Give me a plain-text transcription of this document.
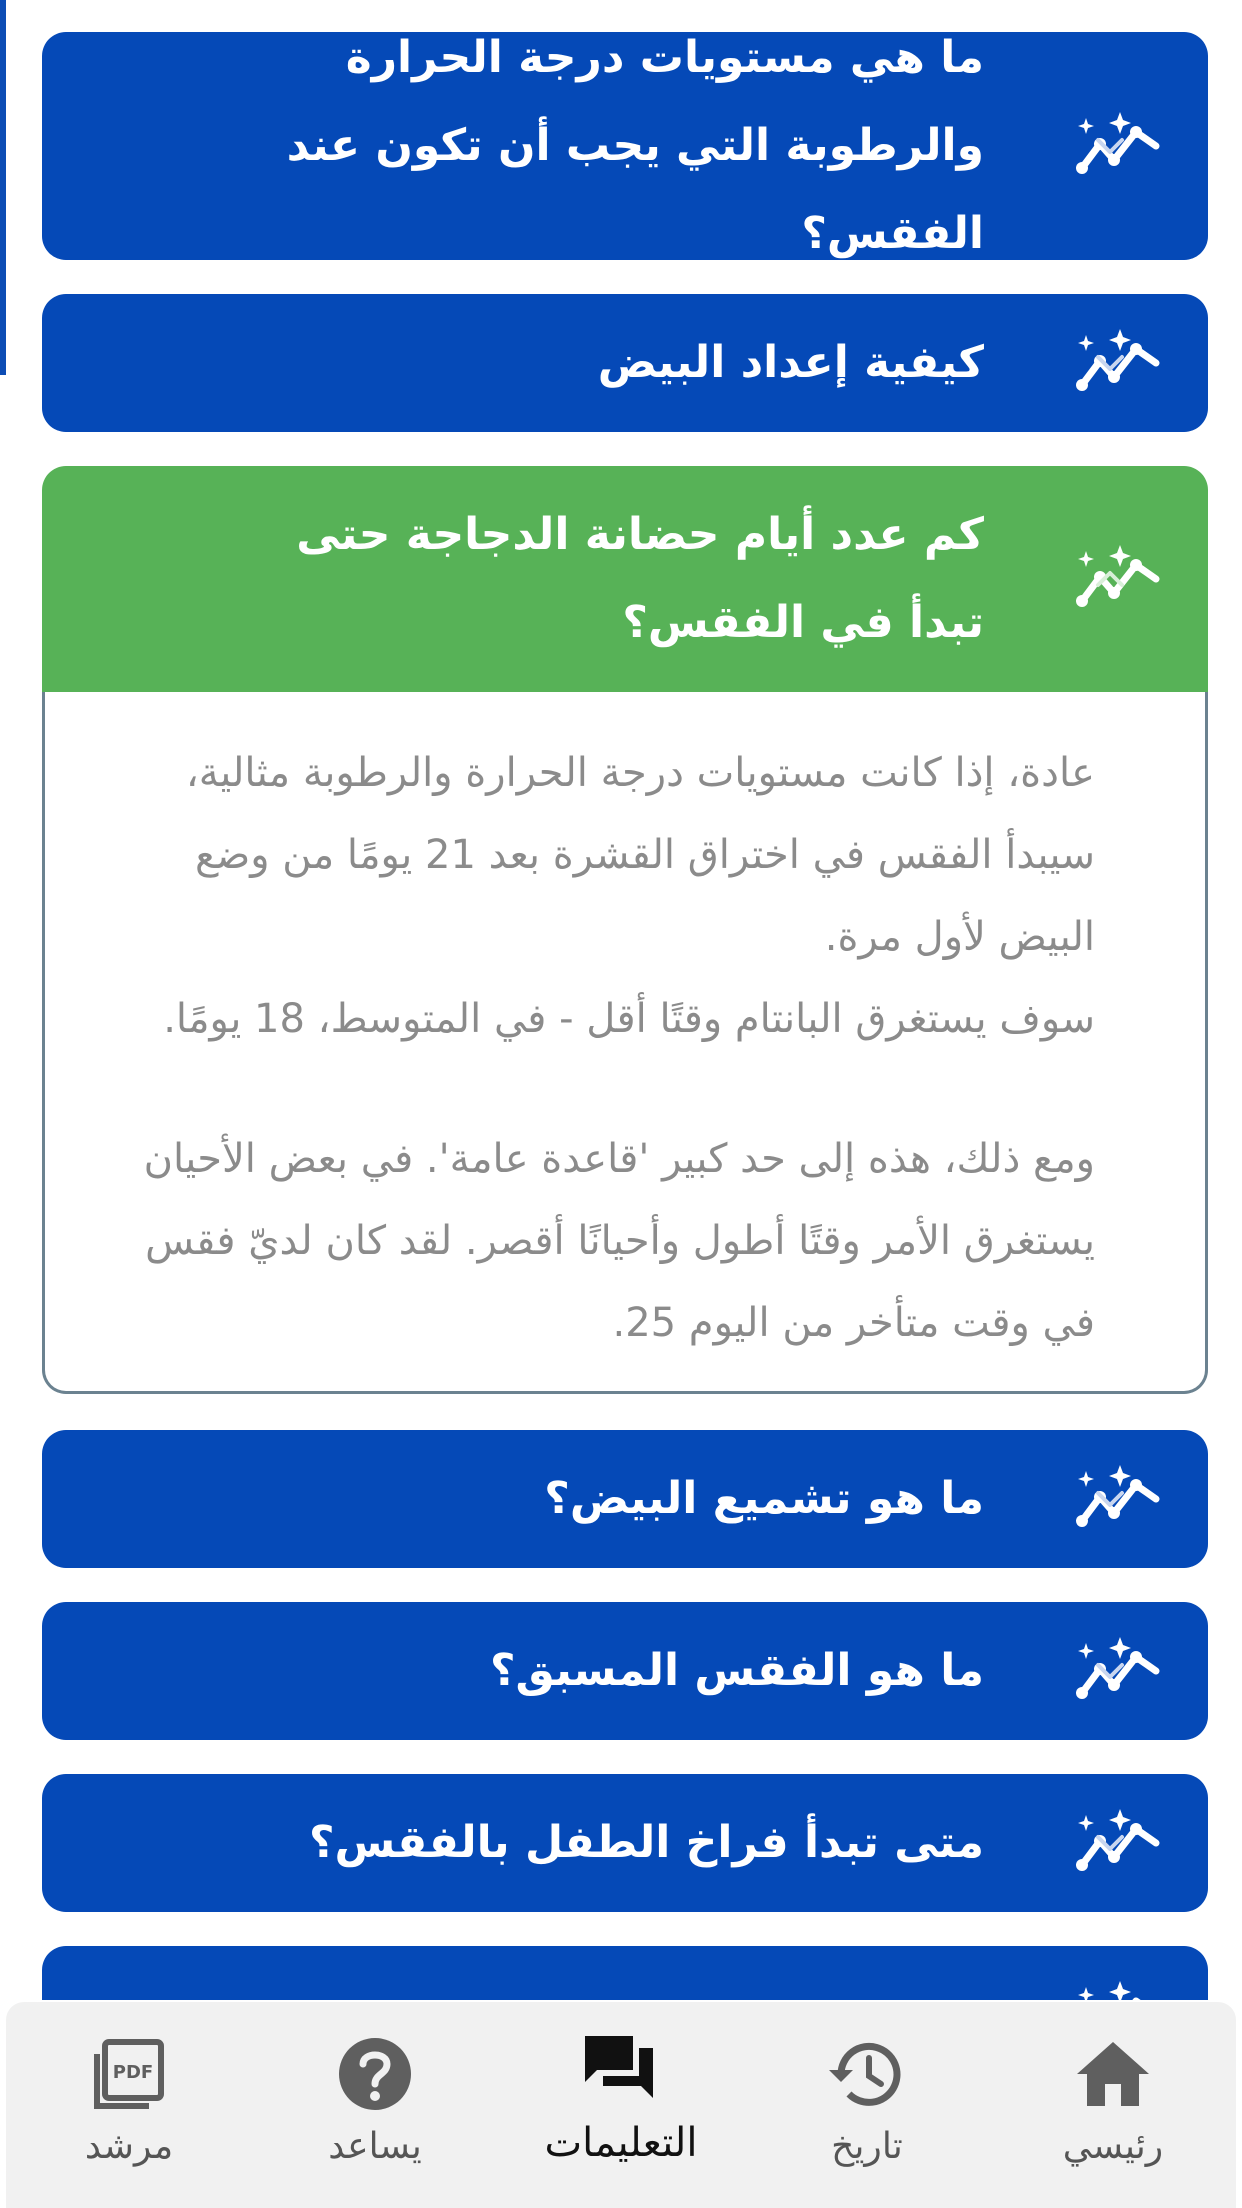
ما هي مستويات درجة الحرارة والرطوبة التي يجب أن تكون عند الفقس؟
كيفية إعداد البيض
كم عدد أيام حضانة الدجاجة حتى تبدأ في الفقس؟

عادة، إذا كانت مستويات درجة الحرارة والرطوبة مثالية، سيبدأ الفقس في اختراق القشرة بعد 21 يومًا من وضع البيض لأول مرة.
سوف يستغرق البانتام وقتًا أقل - في المتوسط، 18 يومًا.

ومع ذلك، هذه إلى حد كبير 'قاعدة عامة'. في بعض الأحيان يستغرق الأمر وقتًا أطول وأحيانًا أقصر. لقد كان لديّ فقس في وقت متأخر من اليوم 25.

ما هو تشميع البيض؟
ما هو الفقس المسبق؟
متى تبدأ فراخ الطفل بالفقس؟
PDF
مرشد	يساعد	التعليمات	تاريخ	رئيسي
